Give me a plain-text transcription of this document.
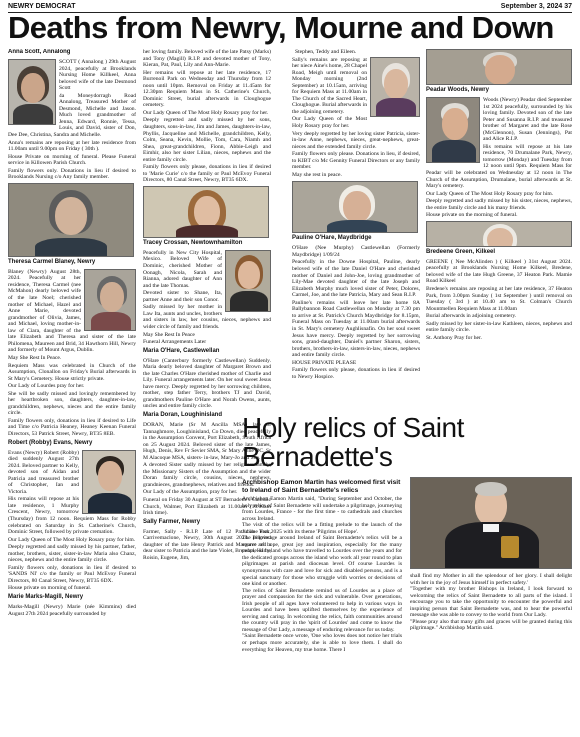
NEWRY DEMOCRAT	September 3, 2024 37
Deaths from Newry, Mourne and Down
Anna Scott, Annalong

SCOTT ( Annalong ) 29th August 2024, peacefully at Brooklands Nursing Home Killkeel, Anna beloved wife of the late Desmond Scott

4a Moneydorragh Road Annalong, Treasured Mother of Desmond, Michelle and Jason. Much loved grandmother of Jenna, Edward, Ronnie, Tessa, Louis, and David, sister of Don, Dee Dee, Christina, Sandra and Michelle.

Anna's remains are reposing at her late residence from 11.00am until 9.00pm on Friday ( 30th ).

House Private on morning of funeral. Please Funeral service in Killowen Parish Church.

Family flowers only. Donations in lieu if desired to Brooklands Nursing c/o Any family member.

Theresa Carmel Blaney, Newry

Blaney (Newry) August 28th, 2024. Peacefully at her residence, Theresa Carmel (nee McMahon) dearly beloved wife of the late Noel; cherished mother of Michael, Hazel and Anne Marie, devoted grandmother of Olivia, James, and Michael, loving mother-in-law of Ciara, daughter of the late Elizabeth and Theresa and sister of the late Philomena, Maureen and Brid, 34 Hawthorn Hill, Newry and formerly of Mount Argus, Dublin.

May She Rest In Peace.

Requiem Mass was celebrated in Church of the Assumption, Clonallon on Friday's Burial afterwards in St Mary's Cemetery. House strictly private.

Our Lady of Lourdes pray for her.

She will be sadly missed and lovingly remembered by her heartbroken son, daughters, daughter-in-law, grandchildren, nephews, nieces and the entire family circle.

Family flowers only, donations in lieu if desired to Life and Time c/o Patricia Heaney, Heaney Keenan Funeral Directors, 53 Patrick Street, Newry, BT35 8EB.

Robert (Robby) Evans, Newry

Evans (Newry) Robert (Robby) died suddenly August 27th 2024. Beloved partner to Kelly, devoted son of Aidan and Patricia and treasured brother of Christopher, Ian and Victoria.

His remains will repose at his late residence, 1 Murphy Crescent, Newry, tomorrow (Thursday) from 12 noon. Requiem Mass for Robby celebrated on Saturday in St. Catherine's Church, Dominic Street, followed by private cremation.

Our Lady Queen of The Most Holy Rosary pray for him.

Deeply regretted and sadly missed by his partner, father, mother, brothers, sister, sister-in-law Maria also Chanz, nieces, nephews and the entire family circle.

Family flowers only, donations in lieu if desired to 'SANDS NI' c/o the family or Paul McEvoy Funeral Directors, 80 Canal Street, Newry, BT35 6DX.

House private on morning of funeral.

Marie Marks-Magill, Newry

Marks-Magill (Newry) Marie (née Kimmins) died August 27th 2024 peacefully surrounded by

her loving family. Beloved wife of the late Patsy (Marks) and Tony (Magill) R.I.P. and devoted mother of Tony, Kieran, Pat, Paul, Lily and Ann-Marie.

Her remains will repose at her late residence, 17 Burrenoil Park on Wednesday and Thursday from 12 noon until 10pm. Removal on Friday at 11.45am for 12.30pm Requiem Mass in St. Catherine's Church, Dominic Street, burial afterwards in Cloughogue cemetery.

Our Lady Queen of The Most Holy Rosary pray for her.

Deeply regretted and sadly missed by her sons, daughters, sons-in-law, Jim and James, daughters-in-law, Phyllis, Jacqueline and Michelle, grandchildren, Kelly, Colm, Seana, Kevin, Mollie, Tom, Cara, Niamh and Shea, great-grandchildren, Fionn, Abbie-Leigh and Eimhir, also her sister Lilian, nieces, nephews and the entire family circle.

Family flowers only please, donations in lieu if desired to 'Marie Curie' c/o the family or Paul McEvoy Funeral Directors, 80 Canal Street, Newry, BT35 6DX.

Tracey Crossan, Newtownhamilton

Peacefully in New City Hospital, Mexico. Beloved Wife of Dominic, cherished Mother of Oonagh, Nicola, Sarah and Rianna, adored daughter of Ann and the late Thomas.

Devoted sister to Shane, Ita, partner Anne and their son Conor.

Sadly missed by her mother in Law Ita, aunts and uncles, brothers and sisters in law, her cousins, nieces, nephews and wider circle of family and friends.

May She Rest In Peace

Funeral Arrangements Later

Maria O'Hare, Castlewellan

O'Hare (Canterbury formerly Castlewellan) Suddenly. Maria dearly beloved daughter of Margaret Brown and the late Charles O'Hare cherished mother of Charlie and Lily. Funeral arrangements later. On her soul sweet Jesus have mercy. Deeply regretted by her sorrowing children, mother, step father Terry, brothers TJ and David, grandmothers Pauline O'Hare and Norah Owens, aunts, uncles and entire family circle.

Maria Doran, Loughinisland

DORAN, Marie (Sr M Ancilla MSA) late of Tannaghmore, Loughinisland, Co Down, died peacefully in the Assumption Convent, Port Elizabeth, South Africa on 25 August 2024. Beloved sister of the late James, Hugh, Denis, Rev Fr Sevier SMA, Sr Mary Anne DC, Sr M Alacoque MSA, sisters- in-law, Mary-Jo and Sue.

A devoted Sister sadly missed by her religious family, the Missionary Sisters of the Assumption and the wider Doran family circle, cousins, nieces, nephews, grandnieces, grandnephews, relatives and friends.

Our Lady of the Assumption, pray for her.

Funeral on Friday 30 August at ST Bernadette's Catholic Church, Walmer, Port Elizabeth at 11.00am (10.00am Irish time).

Sally Farmer, Newry

Farmer, Sally - R.I.P. Late of 12 Patrician Park, Carrivemaclone, Newry, 30th August 2024. Beloved daughter of the late Henry Patrick and Margaret and a dear sister to Patricia and the late Violet, Brendan, Harry, Roisin, Eugene, Jim,

Stephen, Teddy and Eileen.

Sally's remains are reposing at her niece Aine's home, 28 Chapel Road, Meigh until removal on Monday morning (2nd September) at 10.15am, arriving for Requiem Mass at 11.00am in The Church of the Sacred Heart, Cloughogue. Burial afterwards in the adjoining cemetery.

Our Lady Queen of the Most Holy Rosary pray for her.

Very deeply regretted by her loving sister Patricia, sister-in-law Anne, nephews, nieces, great-nephews, great-nieces and the extended family circle.

Family flowers only please. Donations in lieu, if desired, to KIBT c/o Mc Gennity Funeral Directors or any family member.

May she rest in peace.

Pauline O'Hare, Maydbridge

O'Hare (Nee Murphy) Castlewellan (Formerly Maydbridge) 1/09/24

Peacefully in the Downe Hospital, Pauline, dearly beloved wife of the late Daniel O'Hare and cherished mother of Daniel and John-Joe, loving grandmother of Lily-Mae devoted daughter of the late Joseph and Elizabeth Murphy much loved sister of Peter, Dolores, Carmel, Joe, and the late Patricia, Mary and Sean R.I.P.

Pauline's remains will leave her late home 8A Ballybannon Road Castlewellan on Monday at 7.30 pm to arrive at St. Patrick's Church Maydbridge for 8.15pm, Funeral Mass on Tuesday at 11.00am burial afterwards in St. Mary's cemetery Aughlisnafin. On her soul sweet Jesus have mercy. Deeply regretted by her sorrowing sons, grand-daughter, Daniel's partner Sharon, sisters, brothers, brothers-in-law, sisters-in-law, nieces, nephews and entire family circle.

HOUSE PRIVATE PLEASE

Family flowers only please, donations in lieu if desired to Newry Hospice.

Peadar Woods, Newry

Woods (Newry) Peadar died September 1st 2024 peacefully, surrounded by his loving family. Devoted son of the late Peter and Susanna R.I.P. and treasured brother of Margaret and the late Rose (McGlennon), Susan (Jennings), Pat and Alice R.I.P.

His remains will repose at his late residence, 70 Drumalane Park, Newry, tomorrow (Monday) and Tuesday from 12 noon until 9pm. Requiem Mass for Peadar will be celebrated on Wednesday at 12 noon in The Church of the Assumption, Drumalane, burial afterwards at St. Mary's cemetery.

Our Lady Queen of The Most Holy Rosary pray for him.

Deeply regretted and sadly missed by his sister, nieces, nephews, the entire family circle and his many friends.

House private on the morning of funeral.

Bredeene Green, Kilkeel

GREENE ( Nee McAlinden ) ( Kilkeel ) 31st August 2024. peacefully at Brooklands Nursing Home Kilkeel, Bredene, beloved wife of the late Hugh Greene, 37 Heaton Park. Mamie Road Kilkeel

Bredene's remains are reposing at her late residence, 37 Heaton Park, from 3.00pm Sunday ( 1st September ) until removal on Tuesday ( 3rd ) at 10.40 am to St. Colman's Church Mountmellen Requiem Mass at 11.00am

Burial afterwards in adjoining cemetery.

Sadly missed by her sister-in-law Kathleen, nieces, nephews and entire family circle.

St. Anthony Pray for her.

Holy relics of Saint Bernadette's
Archbishop Eamon Martin has welcomed first visit to Ireland of Saint Bernadette's relics

Archbishop Eamon Martin said, "During September and October, the holy relics of Saint Bernadette will undertake a pilgrimage, journeying from Lourdes, France - for the first time - to cathedrals and churches across Ireland.

The visit of the relics will be a fitting prelude to the launch of the Jubilee Year 2025 with its theme 'Pilgrims of Hope'.

The pilgrimage around Ireland of Saint Bernadette's relics will be a source of hope, great joy and inspiration, especially for the many people of Ireland who have travelled to Lourdes over the years and for the dedicated groups across the island who work all year round to plan pilgrimages at parish and diocesan level. Of course Lourdes is synonymous with care and love for sick and disabled persons, and is a special sanctuary for those who struggle with worries or decisions of one kind or another.

The relics of Saint Bernadette remind us of Lourdes as a place of prayer and compassion for the sick and vulnerable. Over generations, Irish people of all ages have volunteered to help in various ways in Lourdes and have been uplifted themselves by the experience of serving and caring. In welcoming the relics, faith communities around the country will pray in the 'spirit of Lourdes' and come to know the message of Our Lady, a message of enduring relevance for us today.

"Saint Bernadette once wrote, 'One who loves does not notice her trials or perhaps more accurately, she is able to love them. I shall do everything for Heaven, my true home. There I

shall find my Mother in all the splendour of her glory. I shall delight with her in the joy of Jesus himself in perfect safety.'

"Together with my brother Bishops in Ireland, I look forward to welcoming the relics of Saint Bernadette to all parts of the island. I encourage you to take the opportunity to encounter the powerful and inspiring person that Saint Bernadette was, and to hear the powerful message she was able to convey to the world from Our Lady.

"Please pray also that many gifts and graces will be granted during this pilgrimage." Archbishop Martin said.
